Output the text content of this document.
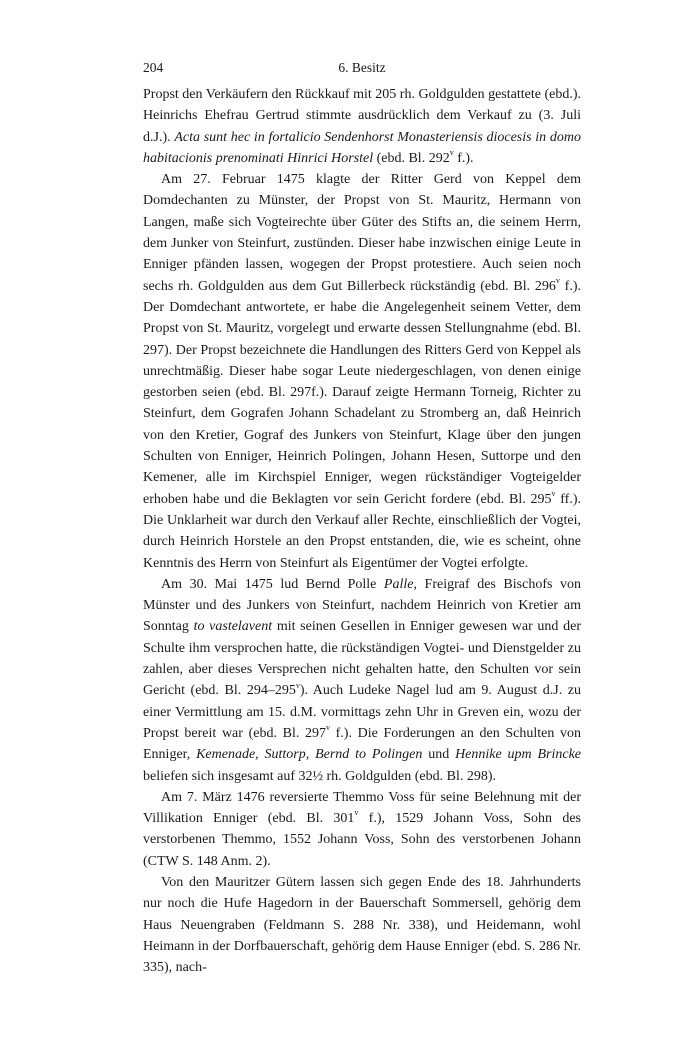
204	6. Besitz

Propst den Verkäufern den Rückkauf mit 205 rh. Goldgulden gestattete (ebd.). Heinrichs Ehefrau Gertrud stimmte ausdrücklich dem Verkauf zu (3. Juli d.J.). Acta sunt hec in fortalicio Sendenhorst Monasteriensis diocesis in domo habitacionis prenominati Hinrici Horstel (ebd. Bl. 292$^v$ f.).

Am 27. Februar 1475 klagte der Ritter Gerd von Keppel dem Domdechanten zu Münster, der Propst von St. Mauritz, Hermann von Langen, maße sich Vogteirechte über Güter des Stifts an, die seinem Herrn, dem Junker von Steinfurt, zustünden. Dieser habe inzwischen einige Leute in Enniger pfänden lassen, wogegen der Propst protestiere. Auch seien noch sechs rh. Goldgulden aus dem Gut Billerbeck rückständig (ebd. Bl. 296$^v$ f.). Der Domdechant antwortete, er habe die Angelegenheit seinem Vetter, dem Propst von St. Mauritz, vorgelegt und erwarte dessen Stellungnahme (ebd. Bl. 297). Der Propst bezeichnete die Handlungen des Ritters Gerd von Keppel als unrechtmäßig. Dieser habe sogar Leute niedergeschlagen, von denen einige gestorben seien (ebd. Bl. 297f.). Darauf zeigte Hermann Torneig, Richter zu Steinfurt, dem Gografen Johann Schadelant zu Stromberg an, daß Heinrich von den Kretier, Gograf des Junkers von Steinfurt, Klage über den jungen Schulten von Enniger, Heinrich Polingen, Johann Hesen, Suttorpe und den Kemener, alle im Kirchspiel Enniger, wegen rückständiger Vogteigelder erhoben habe und die Beklagten vor sein Gericht fordere (ebd. Bl. 295$^v$ ff.). Die Unklarheit war durch den Verkauf aller Rechte, einschließlich der Vogtei, durch Heinrich Horstele an den Propst entstanden, die, wie es scheint, ohne Kenntnis des Herrn von Steinfurt als Eigentümer der Vogtei erfolgte.

Am 30. Mai 1475 lud Bernd Polle Palle, Freigraf des Bischofs von Münster und des Junkers von Steinfurt, nachdem Heinrich von Kretier am Sonntag to vastelavent mit seinen Gesellen in Enniger gewesen war und der Schulte ihm versprochen hatte, die rückständigen Vogtei- und Dienstgelder zu zahlen, aber dieses Versprechen nicht gehalten hatte, den Schulten vor sein Gericht (ebd. Bl. 294–295$^v$). Auch Ludeke Nagel lud am 9. August d.J. zu einer Vermittlung am 15. d.M. vormittags zehn Uhr in Greven ein, wozu der Propst bereit war (ebd. Bl. 297$^v$ f.). Die Forderungen an den Schulten von Enniger, Kemenade, Suttorp, Bernd to Polingen und Hennike upm Brincke beliefen sich insgesamt auf 32½ rh. Goldgulden (ebd. Bl. 298).

Am 7. März 1476 reversierte Themmo Voss für seine Belehnung mit der Villikation Enniger (ebd. Bl. 301$^v$ f.), 1529 Johann Voss, Sohn des verstorbenen Themmo, 1552 Johann Voss, Sohn des verstorbenen Johann (CTW S. 148 Anm. 2).

Von den Mauritzer Gütern lassen sich gegen Ende des 18. Jahrhunderts nur noch die Hufe Hagedorn in der Bauerschaft Sommersell, gehörig dem Haus Neuengraben (Feldmann S. 288 Nr. 338), und Heidemann, wohl Heimann in der Dorfbauerschaft, gehörig dem Hause Enniger (ebd. S. 286 Nr. 335), nach-
